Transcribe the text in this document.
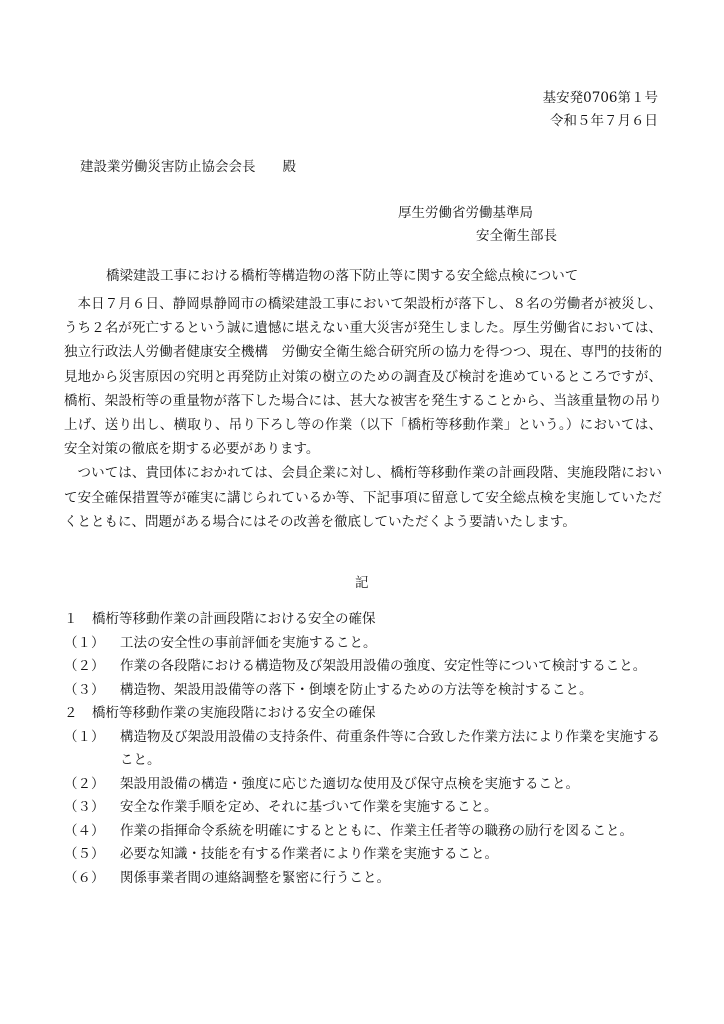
基安発0706第１号
令和５年７月６日
建設業労働災害防止協会会長　　殿
厚生労働省労働基準局
安全衛生部長
橋梁建設工事における橋桁等構造物の落下防止等に関する安全総点検について

本日７月６日、静岡県静岡市の橋梁建設工事において架設桁が落下し、８名の労働者が被災し、うち２名が死亡するという誠に遺憾に堪えない重大災害が発生しました。厚生労働省においては、独立行政法人労働者健康安全機構　労働安全衛生総合研究所の協力を得つつ、現在、専門的技術的見地から災害原因の究明と再発防止対策の樹立のための調査及び検討を進めているところですが、橋桁、架設桁等の重量物が落下した場合には、甚大な被害を発生することから、当該重量物の吊り上げ、送り出し、横取り、吊り下ろし等の作業（以下「橋桁等移動作業」という。）においては、安全対策の徹底を期する必要があります。

ついては、貴団体におかれては、会員企業に対し、橋桁等移動作業の計画段階、実施段階において安全確保措置等が確実に講じられているか等、下記事項に留意して安全総点検を実施していただくとともに、問題がある場合にはその改善を徹底していただくよう要請いたします。

記
１	橋桁等移動作業の計画段階における安全の確保
（１）	工法の安全性の事前評価を実施すること。
（２）	作業の各段階における構造物及び架設用設備の強度、安定性等について検討すること。
（３）	構造物、架設用設備等の落下・倒壊を防止するための方法等を検討すること。
２	橋桁等移動作業の実施段階における安全の確保
（１）	構造物及び架設用設備の支持条件、荷重条件等に合致した作業方法により作業を実施すること。
（２）	架設用設備の構造・強度に応じた適切な使用及び保守点検を実施すること。
（３）	安全な作業手順を定め、それに基づいて作業を実施すること。
（４）	作業の指揮命令系統を明確にするとともに、作業主任者等の職務の励行を図ること。
（５）	必要な知識・技能を有する作業者により作業を実施すること。
（６）	関係事業者間の連絡調整を緊密に行うこと。
